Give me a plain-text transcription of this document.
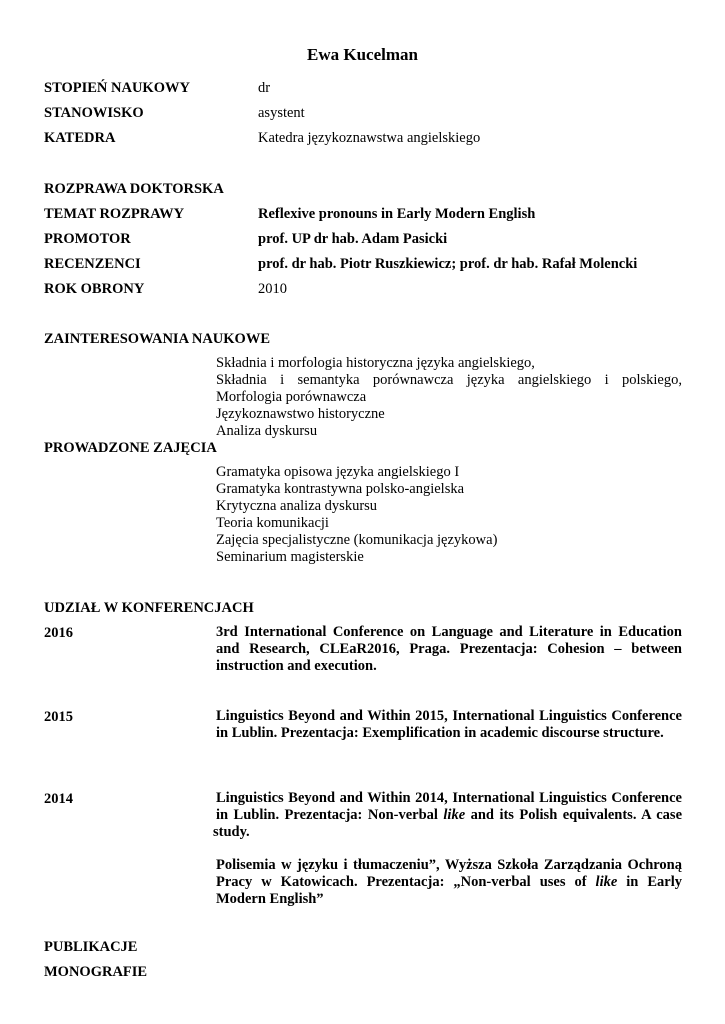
Ewa Kucelman
STOPIEŃ NAUKOWY	dr
STANOWISKO	asystent
KATEDRA	Katedra językoznawstwa angielskiego
ROZPRAWA DOKTORSKA
TEMAT ROZPRAWY	Reflexive pronouns in Early Modern English
PROMOTOR	prof. UP dr hab. Adam Pasicki
RECENZENCI	prof. dr hab. Piotr Ruszkiewicz; prof. dr hab. Rafał Molencki
ROK OBRONY	2010
ZAINTERESOWANIA NAUKOWE
Składnia i morfologia historyczna języka angielskiego,
Składnia i semantyka porównawcza języka angielskiego i polskiego,
Morfologia porównawcza
Językoznawstwo historyczne
Analiza dyskursu
PROWADZONE ZAJĘCIA
Gramatyka opisowa języka angielskiego I
Gramatyka kontrastywna polsko-angielska
Krytyczna analiza dyskursu
Teoria komunikacji
Zajęcia specjalistyczne (komunikacja językowa)
Seminarium magisterskie
UDZIAŁ W KONFERENCJACH
2016	3rd International Conference on Language and Literature in Education
and Research, CLEaR2016, Praga. Prezentacja: Cohesion – between
instruction and execution.
2015	Linguistics Beyond and Within 2015, International Linguistics Conference
in Lublin. Prezentacja: Exemplification in academic discourse structure.
2014	Linguistics Beyond and Within 2014, International Linguistics Conference
in Lublin. Prezentacja: Non-verbal like and its Polish equivalents. A case
study.
Polisemia w języku i tłumaczeniu”, Wyższa Szkoła Zarządzania Ochroną
Pracy w Katowicach. Prezentacja: „Non-verbal uses of like in Early
Modern English”
PUBLIKACJE
MONOGRAFIE
